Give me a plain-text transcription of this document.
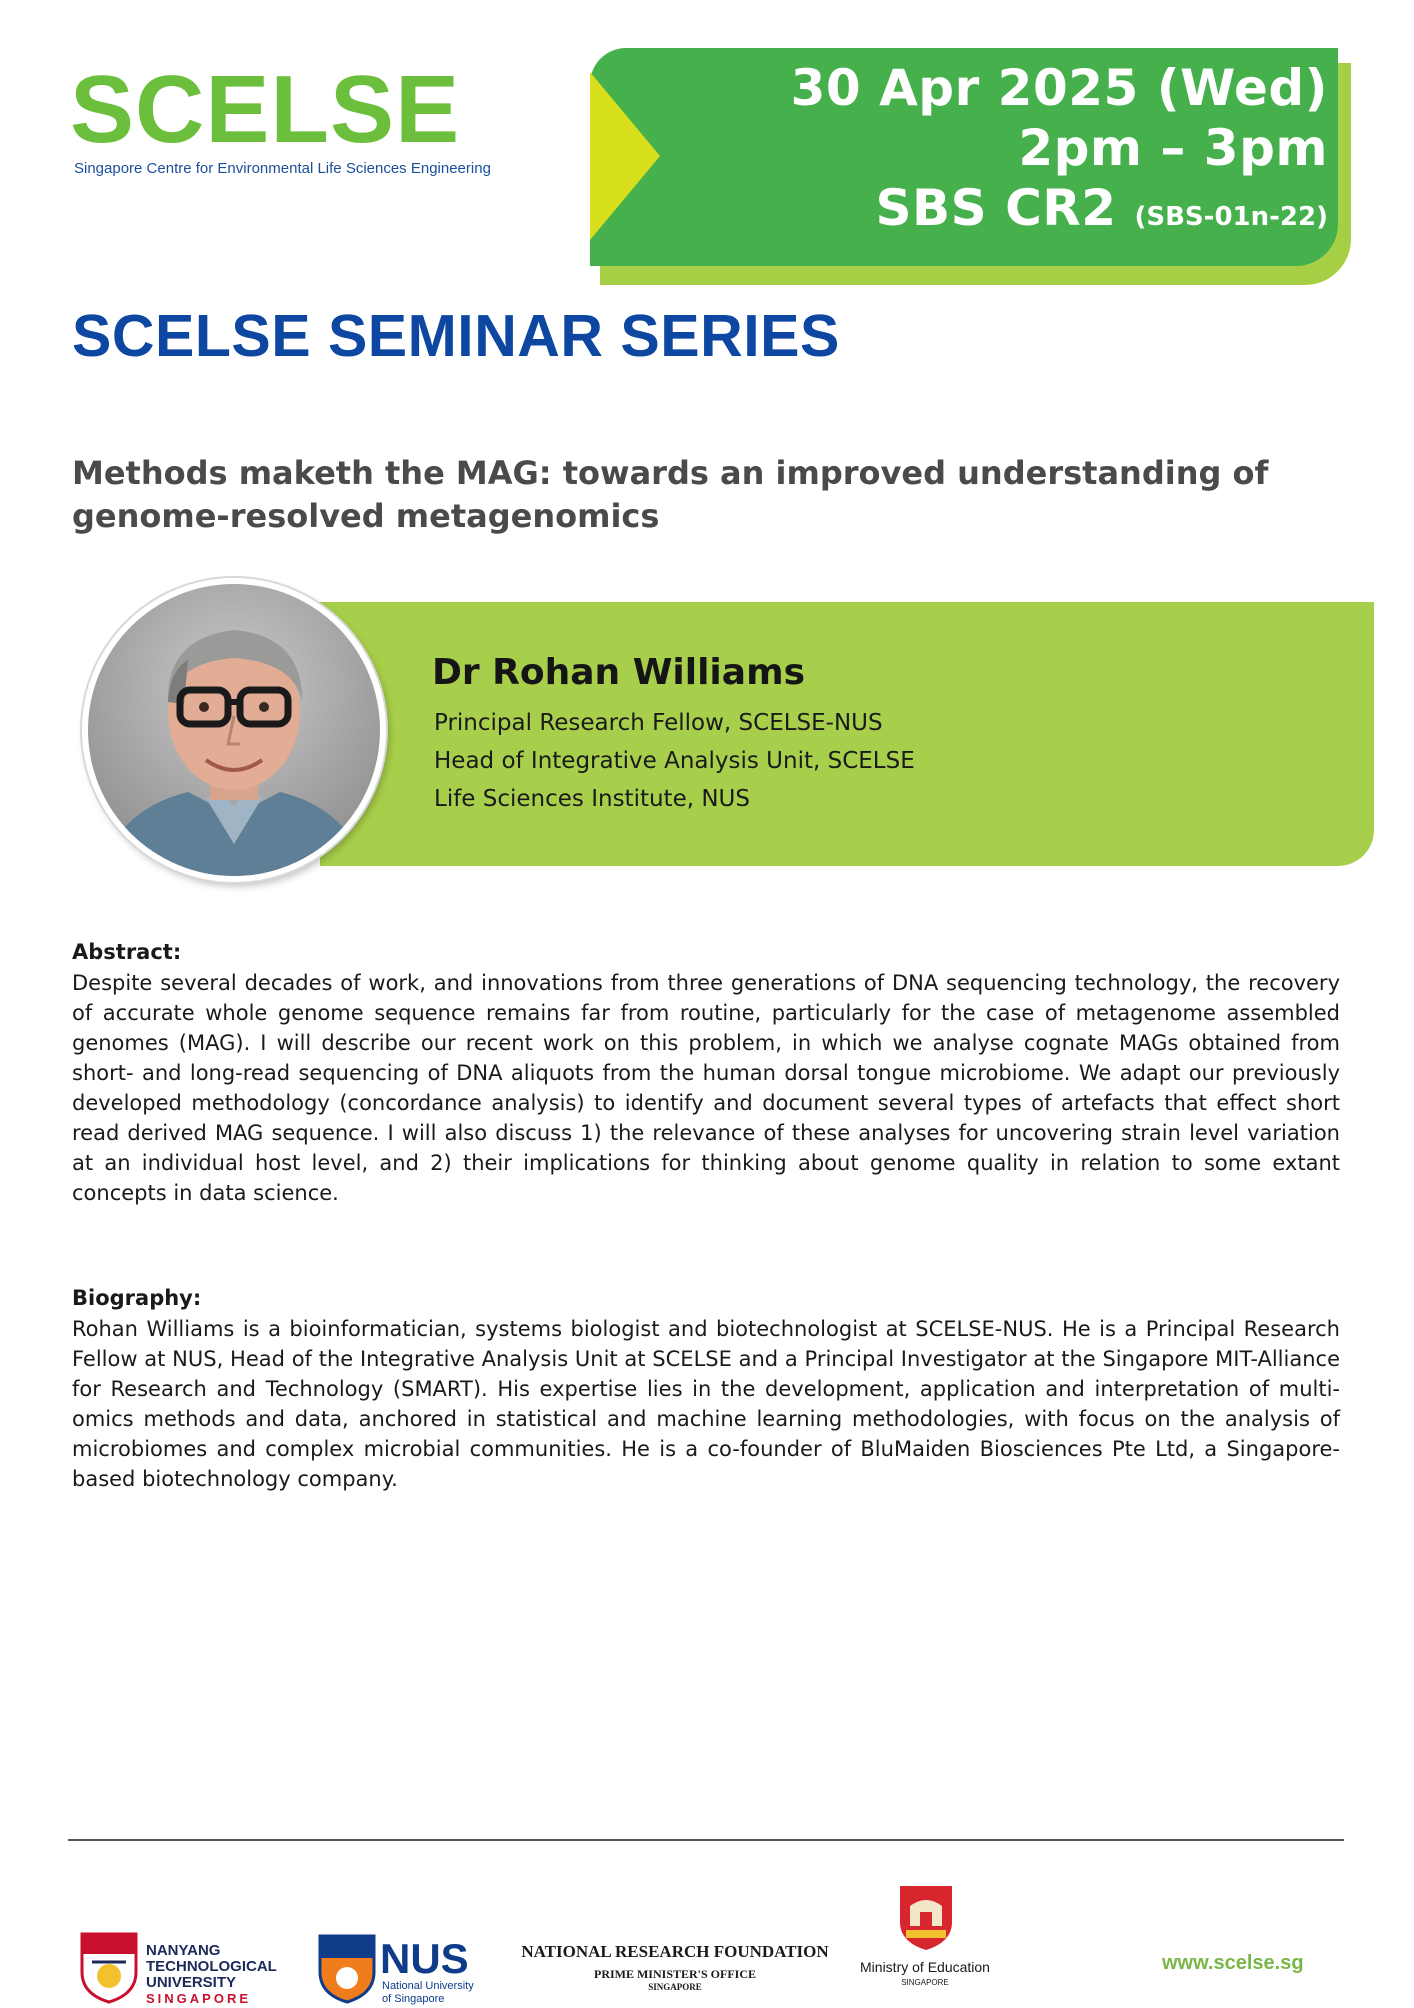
SCELSE
Singapore Centre for Environmental Life Sciences Engineering
30 Apr 2025 (Wed)
2pm – 3pm
SBS CR2 (SBS-01n-22)
SCELSE SEMINAR SERIES
Methods maketh the MAG: towards an improved understanding of genome-resolved metagenomics
Dr Rohan Williams
Principal Research Fellow, SCELSE-NUS
Head of Integrative Analysis Unit, SCELSE
Life Sciences Institute, NUS
Abstract:
Despite several decades of work, and innovations from three generations of DNA sequencing technology, the recovery of accurate whole genome sequence remains far from routine, particularly for the case of metagenome assembled genomes (MAG). I will describe our recent work on this problem, in which we analyse cognate MAGs obtained from short- and long-read sequencing of DNA aliquots from the human dorsal tongue microbiome. We adapt our previously developed methodology (concordance analysis) to identify and document several types of artefacts that effect short read derived MAG sequence. I will also discuss 1) the relevance of these analyses for uncovering strain level variation at an individual host level, and 2) their implications for thinking about genome quality in relation to some extant concepts in data science.
Biography:
Rohan Williams is a bioinformatician, systems biologist and biotechnologist at SCELSE-NUS. He is a Principal Research Fellow at NUS, Head of the Integrative Analysis Unit at SCELSE and a Principal Investigator at the Singapore MIT-Alliance for Research and Technology (SMART). His expertise lies in the development, application and interpretation of multi-omics methods and data, anchored in statistical and machine learning methodologies, with focus on the analysis of microbiomes and complex microbial communities. He is a co-founder of BluMaiden Biosciences Pte Ltd, a Singapore-based biotechnology company.
NANYANG
TECHNOLOGICAL
UNIVERSITY
SINGAPORE
NUS
National University
of Singapore
NATIONAL RESEARCH FOUNDATION
PRIME MINISTER'S OFFICE
SINGAPORE
Ministry of Education
SINGAPORE
www.scelse.sg
